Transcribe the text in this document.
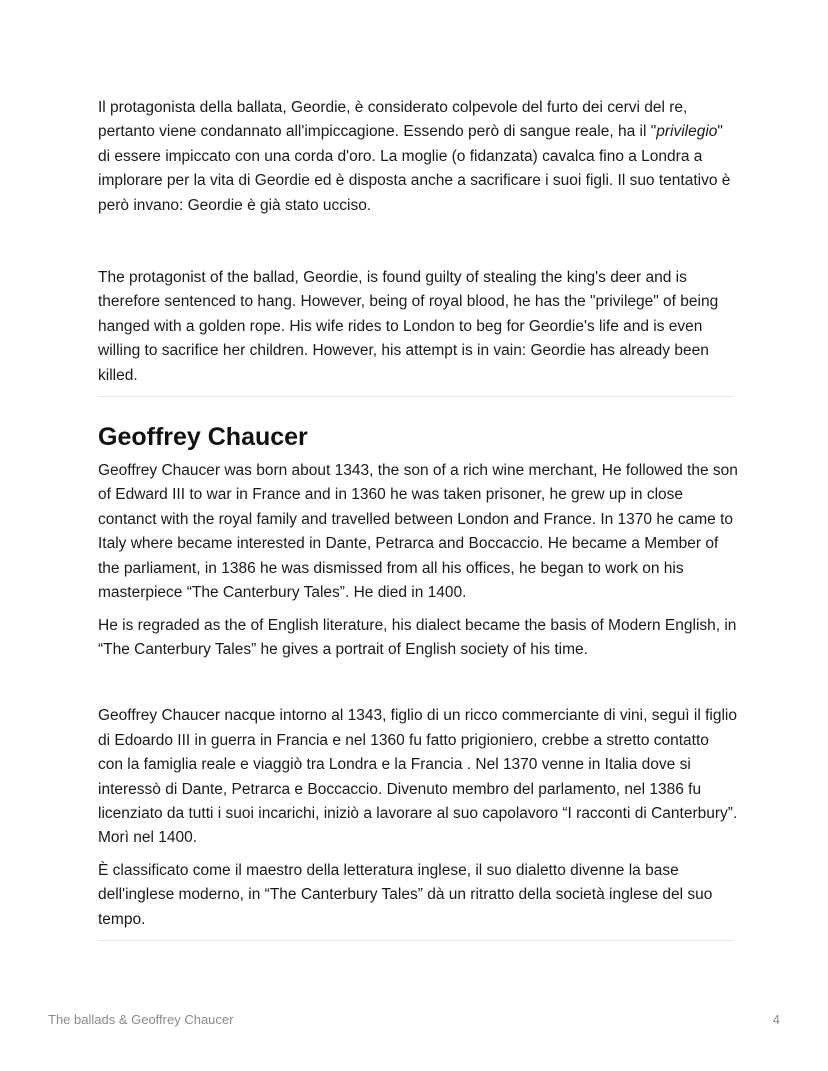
Il protagonista della ballata, Geordie, è considerato colpevole del furto dei cervi del re, pertanto viene condannato all'impiccagione. Essendo però di sangue reale, ha il "privilegio" di essere impiccato con una corda d'oro. La moglie (o fidanzata) cavalca fino a Londra a implorare per la vita di Geordie ed è disposta anche a sacrificare i suoi figli. Il suo tentativo è però invano: Geordie è già stato ucciso.

The protagonist of the ballad, Geordie, is found guilty of stealing the king's deer and is therefore sentenced to hang. However, being of royal blood, he has the "privilege" of being hanged with a golden rope. His wife rides to London to beg for Geordie's life and is even willing to sacrifice her children. However, his attempt is in vain: Geordie has already been killed.

Geoffrey Chaucer

Geoffrey Chaucer was born about 1343, the son of a rich wine merchant, He followed the son of Edward III to war in France and in 1360 he was taken prisoner, he grew up in close contanct with the royal family and travelled between London and France. In 1370 he came to Italy where became interested in Dante, Petrarca and Boccaccio. He became a Member of the parliament, in 1386 he was dismissed from all his offices, he began to work on his masterpiece “The Canterbury Tales”. He died in 1400.

He is regraded as the of English literature, his dialect became the basis of Modern English, in “The Canterbury Tales” he gives a portrait of English society of his time.

Geoffrey Chaucer nacque intorno al 1343, figlio di un ricco commerciante di vini, seguì il figlio di Edoardo III in guerra in Francia e nel 1360 fu fatto prigioniero, crebbe a stretto contatto con la famiglia reale e viaggiò tra Londra e la Francia . Nel 1370 venne in Italia dove si interessò di Dante, Petrarca e Boccaccio. Divenuto membro del parlamento, nel 1386 fu licenziato da tutti i suoi incarichi, iniziò a lavorare al suo capolavoro “I racconti di Canterbury”. Morì nel 1400.

È classificato come il maestro della letteratura inglese, il suo dialetto divenne la base dell'inglese moderno, in “The Canterbury Tales” dà un ritratto della società inglese del suo tempo.

The ballads & Geoffrey Chaucer	4
